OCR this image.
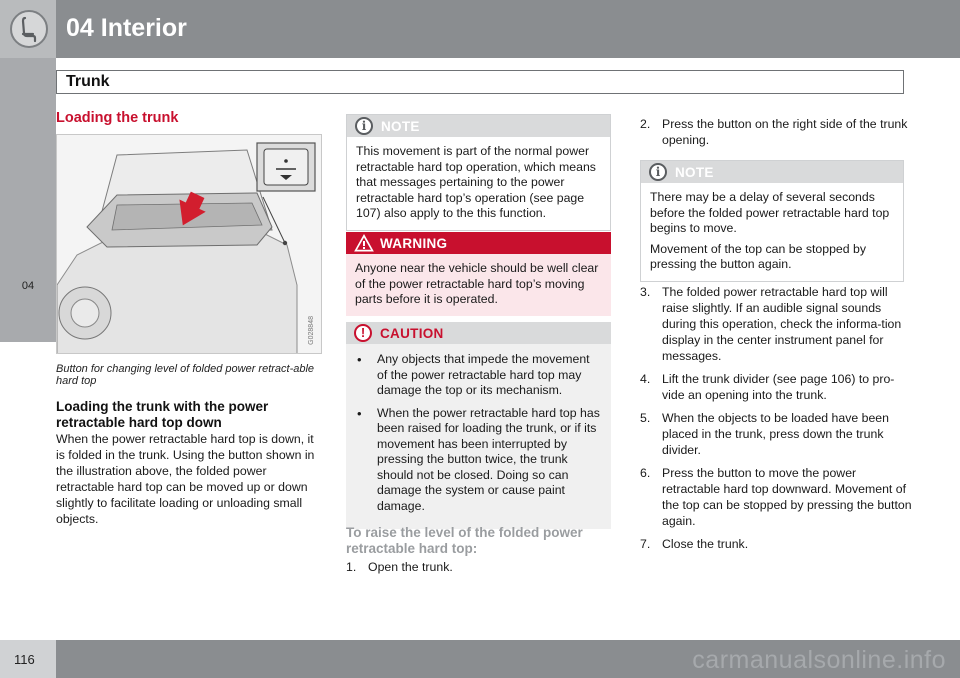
04 Interior
Trunk
04
Loading the trunk
G028848
Button for changing level of folded power retract-able hard top
Loading the trunk with the power retractable hard top down
When the power retractable hard top is down, it is folded in the trunk. Using the button shown in the illustration above, the folded power retractable hard top can be moved up or down slightly to facilitate loading or unloading small objects.
i	NOTE
This movement is part of the normal power retractable hard top operation, which means that messages pertaining to the power retractable hard top’s operation (see page 107) also apply to the this function.
WARNING
Anyone near the vehicle should be well clear of the power retractable hard top’s moving parts before it is operated.
!	CAUTION
• Any objects that impede the movement of the power retractable hard top may damage the top or its mechanism.
• When the power retractable hard top has been raised for loading the trunk, or if its movement has been interrupted by pressing the button twice, the trunk should not be closed. Doing so can damage the system or cause paint damage.
To raise the level of the folded power retractable hard top:
1. Open the trunk.
2. Press the button on the right side of the trunk opening.
i	NOTE

There may be a delay of several seconds before the folded power retractable hard top begins to move.

Movement of the top can be stopped by pressing the button again.

3. The folded power retractable hard top will raise slightly. If an audible signal sounds during this operation, check the informa-tion display in the center instrument panel for messages.
4. Lift the trunk divider (see page 106) to pro-vide an opening into the trunk.
5. When the objects to be loaded have been placed in the trunk, press down the trunk divider.
6. Press the button to move the power retractable hard top downward. Movement of the top can be stopped by pressing the button again.
7. Close the trunk.
116	carmanualsonline.info
